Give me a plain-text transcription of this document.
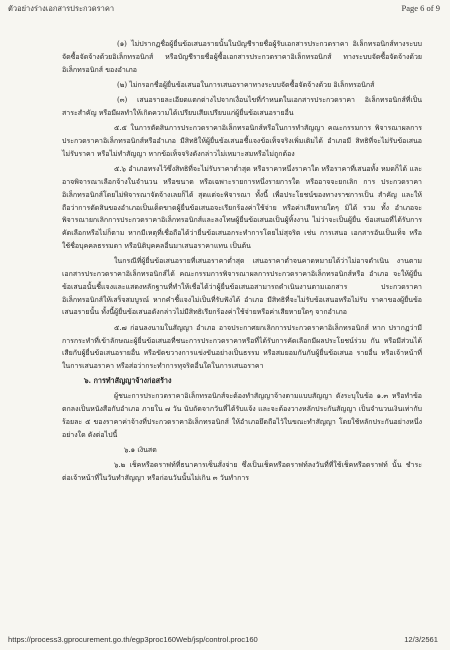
ตัวอย่างร่างเอกสารประกวดราคา	Page 6 of 9

(๑) ไม่ปรากฏชื่อผู้ยื่นข้อเสนอรายนั้นในบัญชีรายชื่อผู้รับเอกสารประกวดราคา อิเล็กทรอนิกส์ทางระบบจัดซื้อจัดจ้างด้วยอิเล็กทรอนิกส์ หรือบัญชีรายชื่อผู้ซื้อเอกสารประกวดราคาอิเล็กทรอนิกส์ ทางระบบจัดซื้อจัดจ้างด้วยอิเล็กทรอนิกส์ ของอำเภอ

(๒) ไม่กรอกชื่อผู้ยื่นข้อเสนอในการเสนอราคาทางระบบจัดซื้อจัดจ้างด้วย อิเล็กทรอนิกส์

(๓) เสนอรายละเอียดแตกต่างไปจากเงื่อนไขที่กำหนดในเอกสารประกวดราคา อิเล็กทรอนิกส์ที่เป็นสาระสำคัญ หรือมีผลทำให้เกิดความได้เปรียบเสียเปรียบแก่ผู้ยื่นข้อเสนอรายอื่น

๕.๕ ในการตัดสินการประกวดราคาอิเล็กทรอนิกส์หรือในการทำสัญญา คณะกรรมการ พิจารณาผลการประกวดราคาอิเล็กทรอนิกส์หรืออำเภอ มีสิทธิให้ผู้ยื่นข้อเสนอชี้แจงข้อเท็จจริงเพิ่มเติมได้ อำเภอมี สิทธิที่จะไม่รับข้อเสนอ ไม่รับราคา หรือไม่ทำสัญญา หากข้อเท็จจริงดังกล่าวไม่เหมาะสมหรือไม่ถูกต้อง

๕.๖ อำเภอทรงไว้ซึ่งสิทธิที่จะไม่รับราคาต่ำสุด หรือราคาหนึ่งราคาใด หรือราคาที่เสนอทั้ง หมดก็ได้ และอาจพิจารณาเลือกจ้างในจำนวน หรือขนาด หรือเฉพาะรายการหนึ่งรายการใด หรืออาจจะยกเลิก การ ประกวดราคาอิเล็กทรอนิกส์โดยไม่พิจารณาจัดจ้างเลยก็ได้ สุดแต่จะพิจารณา ทั้งนี้ เพื่อประโยชน์ของทางราชการเป็น สำคัญ และให้ถือว่าการตัดสินของอำเภอเป็นเด็ดขาดผู้ยื่นข้อเสนอจะเรียกร้องค่าใช้จ่าย หรือค่าเสียหายใดๆ มิได้ รวม ทั้ง อำเภอจะพิจารณายกเลิกการประกวดราคาอิเล็กทรอนิกส์และลงโทษผู้ยื่นข้อเสนอเป็นผู้ทิ้งงาน ไม่ว่าจะเป็นผู้ยื่น ข้อเสนอที่ได้รับการคัดเลือกหรือไม่ก็ตาม หากมีเหตุที่เชื่อถือได้ว่ายื่นข้อเสนอกระทำการโดยไม่สุจริต เช่น การเสนอ เอกสารอันเป็นเท็จ หรือใช้ชื่อบุคคลธรรมดา หรือนิติบุคคลอื่นมาเสนอราคาแทน เป็นต้น

ในกรณีที่ผู้ยื่นข้อเสนอรายที่เสนอราคาต่ำสุด เสนอราคาต่ำจนคาดหมายได้ว่าไม่อาจดำเนิน งานตามเอกสารประกวดราคาอิเล็กทรอนิกส์ได้ คณะกรรมการพิจารณาผลการประกวดราคาอิเล็กทรอนิกส์หรือ อำเภอ จะให้ผู้ยื่นข้อเสนอนั้นชี้แจงและแสดงหลักฐานที่ทำให้เชื่อได้ว่าผู้ยื่นข้อเสนอสามารถดำเนินงานตามเอกสาร ประกวดราคาอิเล็กทรอนิกส์ให้เสร็จสมบูรณ์ หากคำชี้แจงไม่เป็นที่รับฟังได้ อำเภอ มีสิทธิที่จะไม่รับข้อเสนอหรือไม่รับ ราคาของผู้ยื่นข้อเสนอรายนั้น ทั้งนี้ผู้ยื่นข้อเสนอดังกล่าวไม่มีสิทธิเรียกร้องค่าใช้จ่ายหรือค่าเสียหายใดๆ จากอำเภอ

๕.๗ ก่อนลงนามในสัญญา อำเภอ อาจประกาศยกเลิกการประกวดราคาอิเล็กทรอนิกส์ หาก ปรากฏว่ามีการกระทำที่เข้าลักษณะผู้ยื่นข้อเสนอที่ชนะการประกวดราคาหรือที่ได้รับการคัดเลือกมีผลประโยชน์ร่วม กัน หรือมีส่วนได้เสียกับผู้ยื่นข้อเสนอรายอื่น หรือขัดขวางการแข่งขันอย่างเป็นธรรม หรือสมยอมกันกับผู้ยื่นข้อเสนอ รายอื่น หรือเจ้าหน้าที่ในการเสนอราคา หรือส่อว่ากระทำการทุจริตอื่นใดในการเสนอราคา

๖. การทำสัญญาจ้างก่อสร้าง

ผู้ชนะการประกวดราคาอิเล็กทรอนิกส์จะต้องทำสัญญาจ้างตามแบบสัญญา ดังระบุในข้อ ๑.๓ หรือทำข้อตกลงเป็นหนังสือกับอำเภอ ภายใน ๗ วัน นับถัดจากวันที่ได้รับแจ้ง และจะต้องวางหลักประกันสัญญา เป็นจำนวนเงินเท่ากับร้อยละ ๕ ของราคาค่าจ้างที่ประกวดราคาอิเล็กทรอนิกส์ ให้อำเภอยึดถือไว้ในขณะทำสัญญา โดยใช้หลักประกันอย่างหนึ่งอย่างใด ดังต่อไปนี้

๖.๑ เงินสด

๖.๒ เช็คหรือดราฟท์ที่ธนาคารเซ็นสั่งจ่าย ซึ่งเป็นเช็คหรือดราฟท์ลงวันที่ที่ใช้เช็คหรือดราฟท์ นั้น ชำระต่อเจ้าหน้าที่ในวันทำสัญญา หรือก่อนวันนั้นไม่เกิน ๓ วันทำการ

https://process3.gprocurement.go.th/egp3proc160Web/jsp/control.proc160	12/3/2561
